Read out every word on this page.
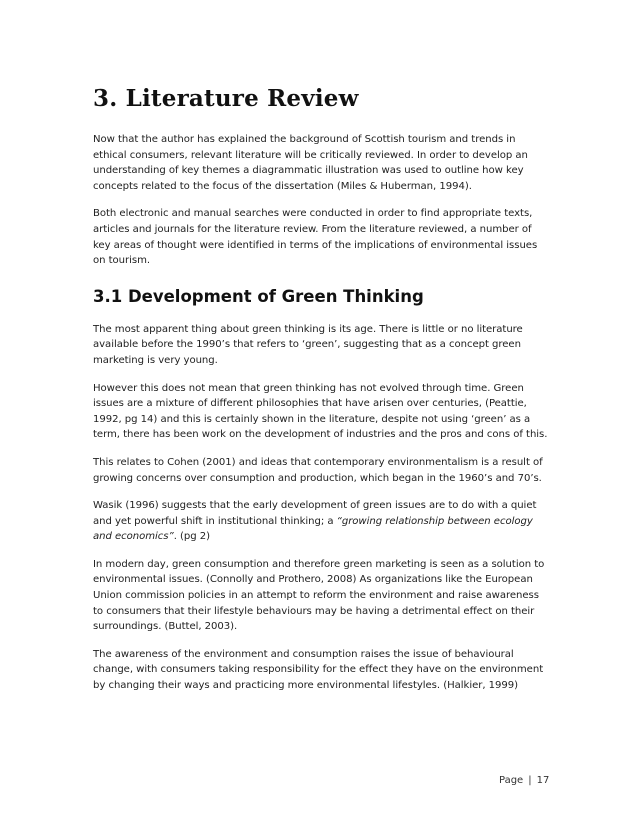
3. Literature Review

Now that the author has explained the background of Scottish tourism and trends in ethical consumers, relevant literature will be critically reviewed. In order to develop an understanding of key themes a diagrammatic illustration was used to outline how key concepts related to the focus of the dissertation (Miles & Huberman, 1994).

Both electronic and manual searches were conducted in order to find appropriate texts, articles and journals for the literature review. From the literature reviewed, a number of key areas of thought were identified in terms of the implications of environmental issues on tourism.

3.1 Development of Green Thinking

The most apparent thing about green thinking is its age. There is little or no literature available before the 1990’s that refers to ‘green’, suggesting that as a concept green marketing is very young.

However this does not mean that green thinking has not evolved through time. Green issues are a mixture of different philosophies that have arisen over centuries, (Peattie, 1992, pg 14) and this is certainly shown in the literature, despite not using ‘green’ as a term, there has been work on the development of industries and the pros and cons of this.

This relates to Cohen (2001) and ideas that contemporary environmentalism is a result of growing concerns over consumption and production, which began in the 1960’s and 70’s.

Wasik (1996) suggests that the early development of green issues are to do with a quiet and yet powerful shift in institutional thinking; a “growing relationship between ecology and economics”. (pg 2)

In modern day, green consumption and therefore green marketing is seen as a solution to environmental issues. (Connolly and Prothero, 2008) As organizations like the European Union commission policies in an attempt to reform the environment and raise awareness to consumers that their lifestyle behaviours may be having a detrimental effect on their surroundings. (Buttel, 2003).

The awareness of the environment and consumption raises the issue of behavioural change, with consumers taking responsibility for the effect they have on the environment by changing their ways and practicing more environmental lifestyles. (Halkier, 1999)

Page | 17
